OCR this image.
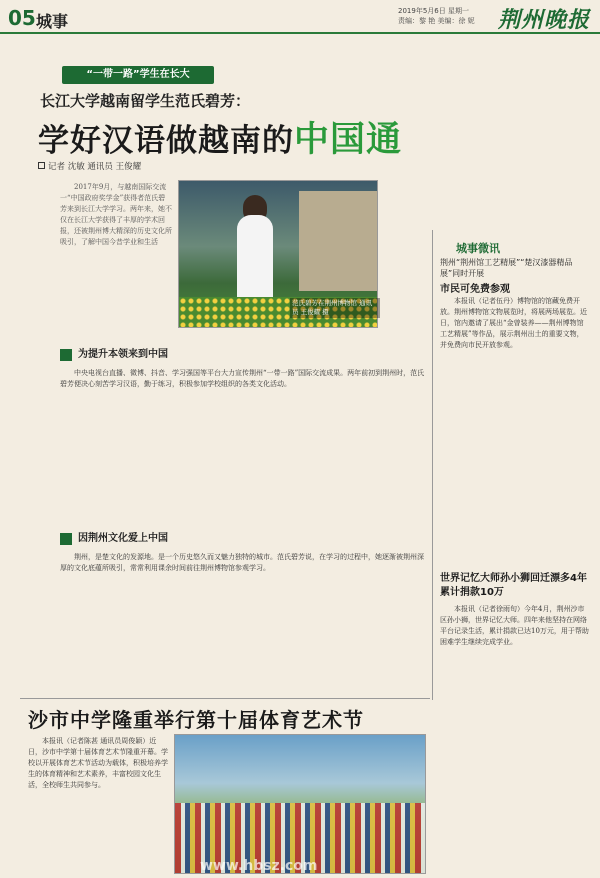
05 城事
2019年5月6日 星期一
责编：黎 艳 美编：徐 妮 荆州晚报
“一带一路”学生在长大
长江大学越南留学生范氏碧芳：
学好汉语做越南的中国通
记者 沈敏 通讯员 王俊耀
2017年9月，与越南国际交流一“中国政府奖学金”获得者范氏碧芳来到长江大学学习。两年来，她不仅在长江大学获得了丰厚的学术回报，还被荆州博大精深的历史文化所吸引，了解中国今昔学业和生活
范氏碧芳在荆州博物馆 通讯员 王俊耀 摄
城事微讯
荆州“荆州馆工艺精展”“楚汉漆器精品展”同时开展
市民可免费参观

本报讯（记者伍丹）博物馆的馆藏免费开放。荆州博物馆文物展览时，将展两场展览。近日，馆内邀请了展出“金曾装养——荆州博物馆工艺精展”等作品，展示荆州出土的重要文物，并免费向市民开放参观。

为提升本领来到中国

中央电视台直播、微博、抖音、学习强国等平台大力宣传荆州“一带一路”国际交流成果。两年前初到荆州时，范氏碧芳便决心刻苦学习汉语，勤于练习，积极参加学校组织的各类文化活动。

因荆州文化爱上中国

荆州，是楚文化的发源地。是一个历史悠久而又魅力独特的城市。范氏碧芳说，在学习的过程中，她逐渐被荆州深厚的文化底蕴所吸引，常常利用课余时间前往荆州博物馆参观学习。

世界记忆大师孙小狮回迁漂多4年累计捐款10万

本报讯（记者徐雨旬）今年4月，荆州沙市区孙小狮，世界记忆大师。四年来他坚持在网络平台记录生活，累计捐款已达10万元，用于帮助困难学生继续完成学业。

沙市中学隆重举行第十届体育艺术节

本报讯（记者陈甚 通讯员周俊颖）近日，沙市中学第十届体育艺术节隆重开幕。学校以开展体育艺术节活动为载体，积极培养学生的体育精神和艺术素养，丰富校园文化生活，全校师生共同参与。

www.hbsz.com
